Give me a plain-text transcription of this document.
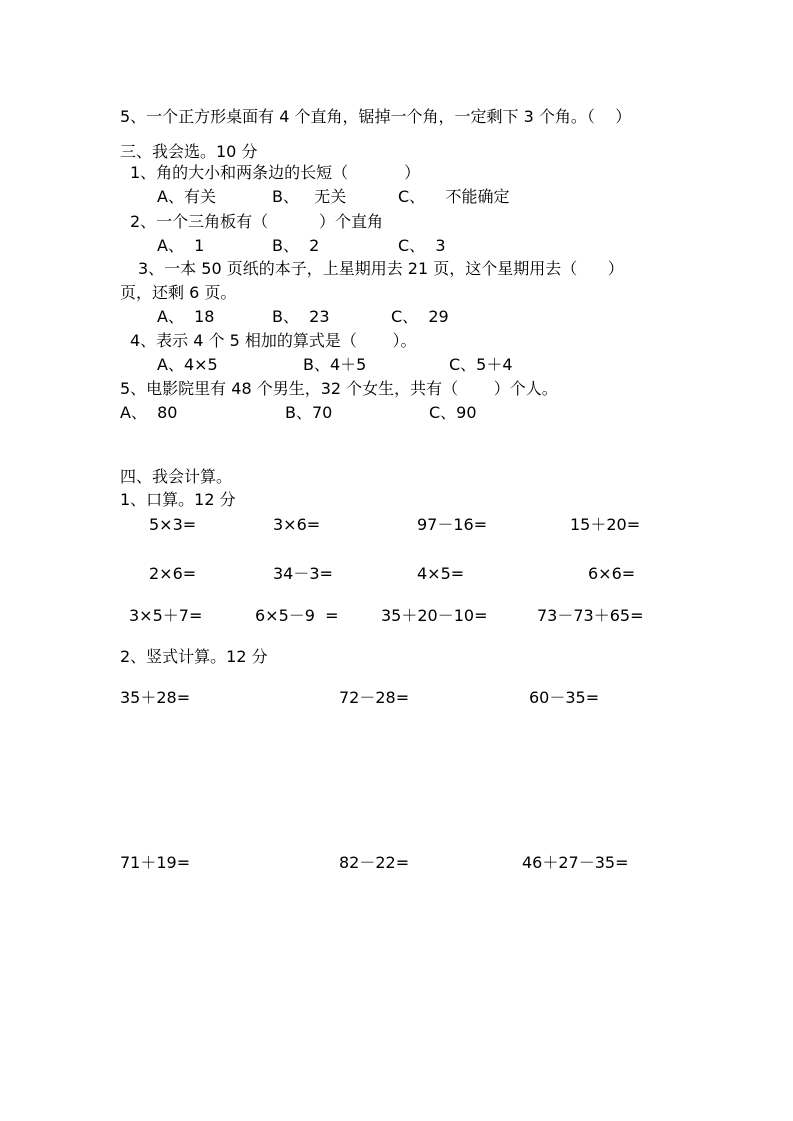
5、一个正方形桌面有 4 个直角，锯掉一个角，一定剩下 3 个角。（    ）
三、我会选。10 分
1、角的大小和两条边的长短（           ）
A、有关	B、   无关	C、    不能确定
2、一个三角板有（          ）个直角
A、  1	B、  2	C、  3
3、一本 50 页纸的本子，上星期用去 21 页，这个星期用去（      ）
页，还剩 6 页。
A、  18	B、  23	C、  29
4、表示 4 个 5 相加的算式是（       ）。
A、4×5	B、4＋5	C、5＋4
5、电影院里有 48 个男生，32 个女生，共有（       ）个人。
A、  80	B、70	C、90
四、我会计算。
1、口算。12 分
5×3=	3×6=	97－16=	15＋20=
2×6=	34－3=	4×5=	6×6=
3×5＋7=	6×5－9  =	35＋20－10=	73－73＋65=
2、竖式计算。12 分
35＋28=	72－28=	60－35=
71＋19=	82－22=	46＋27－35=
